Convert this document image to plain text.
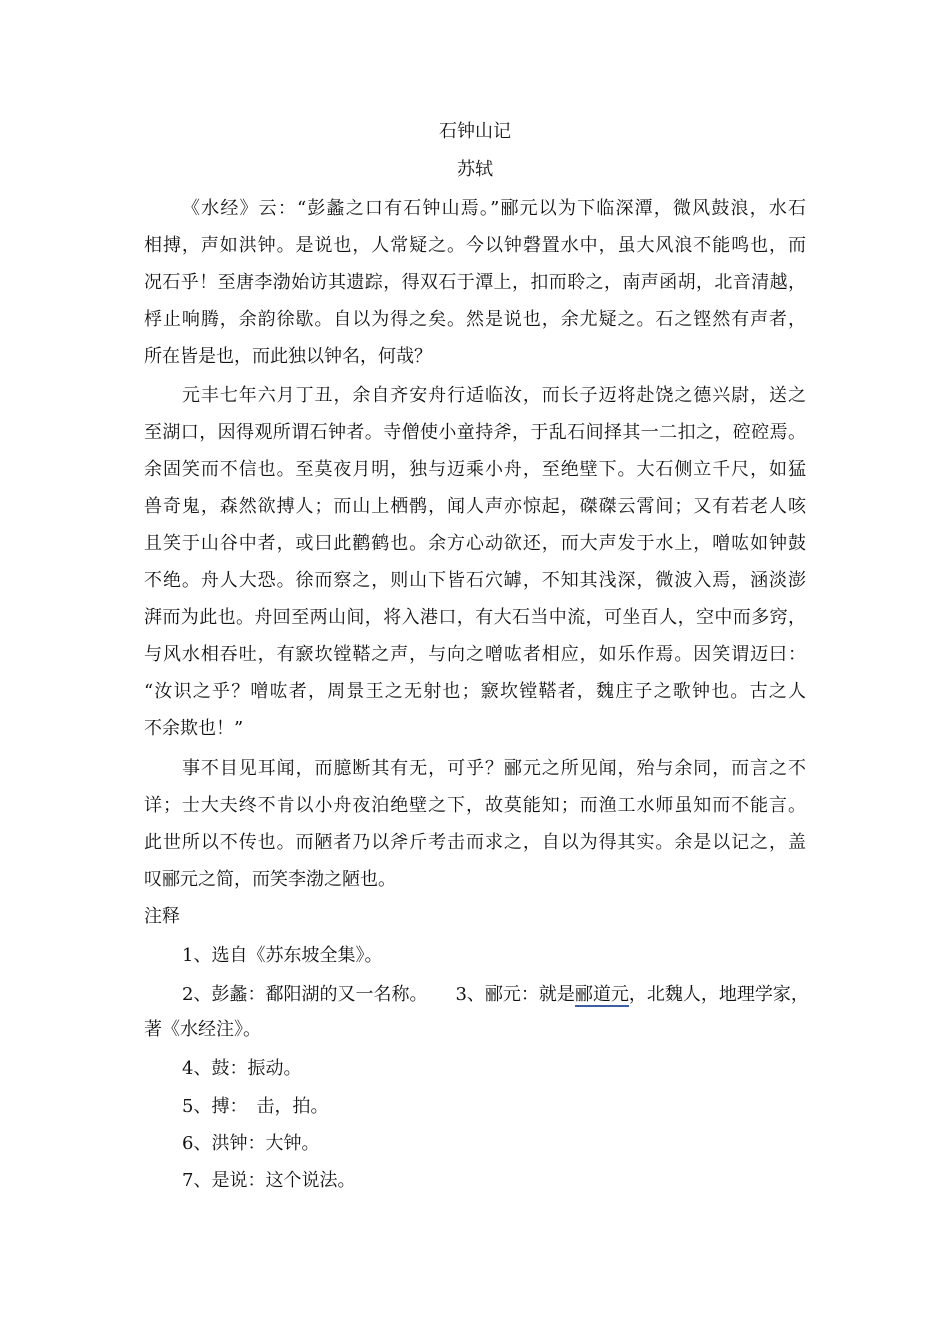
石钟山记
苏轼
《水经》云：“彭蠡之口有石钟山焉。”郦元以为下临深潭，微风鼓浪，水石
相搏，声如洪钟。是说也，人常疑之。今以钟磬置水中，虽大风浪不能鸣也，而
况石乎！至唐李渤始访其遗踪，得双石于潭上，扣而聆之，南声函胡，北音清越，
桴止响腾，余韵徐歇。自以为得之矣。然是说也，余尤疑之。石之铿然有声者，
所在皆是也，而此独以钟名，何哉？
元丰七年六月丁丑，余自齐安舟行适临汝，而长子迈将赴饶之德兴尉，送之
至湖口，因得观所谓石钟者。寺僧使小童持斧，于乱石间择其一二扣之，硿硿焉。
余固笑而不信也。至莫夜月明，独与迈乘小舟，至绝壁下。大石侧立千尺，如猛
兽奇鬼，森然欲搏人；而山上栖鹘，闻人声亦惊起，磔磔云霄间；又有若老人咳
且笑于山谷中者，或曰此鹳鹤也。余方心动欲还，而大声发于水上，噌吰如钟鼓
不绝。舟人大恐。徐而察之，则山下皆石穴罅，不知其浅深，微波入焉，涵淡澎
湃而为此也。舟回至两山间，将入港口，有大石当中流，可坐百人，空中而多窍，
与风水相吞吐，有窾坎镗鞳之声，与向之噌吰者相应，如乐作焉。因笑谓迈曰：
“汝识之乎？噌吰者，周景王之无射也；窾坎镗鞳者，魏庄子之歌钟也。古之人
不余欺也！”
事不目见耳闻，而臆断其有无，可乎？郦元之所见闻，殆与余同，而言之不
详；士大夫终不肯以小舟夜泊绝壁之下，故莫能知；而渔工水师虽知而不能言。
此世所以不传也。而陋者乃以斧斤考击而求之，自以为得其实。余是以记之，盖
叹郦元之简，而笑李渤之陋也。
注释
1、选自《苏东坡全集》。
2、彭蠡：鄱阳湖的又一名称。 3、郦元：就是郦道元，北魏人，地理学家，
著《水经注》。
4、鼓：振动。
5、搏：　击，拍。
6、洪钟：大钟。
7、是说：这个说法。
